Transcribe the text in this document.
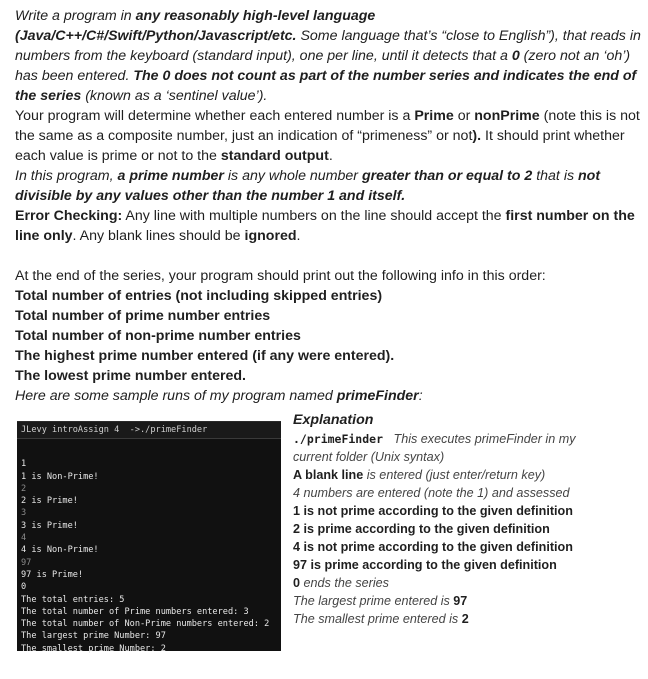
Write a program in any reasonably high-level language (Java/C++/C#/Swift/Python/Javascript/etc. Some language that’s “close to English”), that reads in numbers from the keyboard (standard input), one per line, until it detects that a 0 (zero not an ‘oh’) has been entered. The 0 does not count as part of the number series and indicates the end of the series (known as a ‘sentinel value’).

Your program will determine whether each entered number is a Prime or nonPrime (note this is not the same as a composite number, just an indication of “primeness” or not). It should print whether each value is prime or not to the standard output.

In this program, a prime number is any whole number greater than or equal to 2 that is not divisible by any values other than the number 1 and itself.

Error Checking: Any line with multiple numbers on the line should accept the first number on the line only. Any blank lines should be ignored.

At the end of the series, your program should print out the following info in this order:

Total number of entries (not including skipped entries)

Total number of prime number entries

Total number of non-prime number entries

The highest prime number entered (if any were entered).

The lowest prime number entered.

Here are some sample runs of my program named primeFinder:

JLevy introAssign 4  ->./primeFinder
1
1 is Non-Prime!
2
2 is Prime!
3
3 is Prime!
4
4 is Non-Prime!
97
97 is Prime!
0
The total entries: 5
The total number of Prime numbers entered: 3
The total number of Non-Prime numbers entered: 2
The largest prime Number: 97
The smallest prime Number: 2
Explanation
./primeFinder This executes primeFinder in my
current folder (Unix syntax)
A blank line is entered (just enter/return key)
4 numbers are entered (note the 1) and assessed
1 is not prime according to the given definition
2 is prime according to the given definition
4 is not prime according to the given definition
97 is prime according to the given definition
0 ends the series
The largest prime entered is 97
The smallest prime entered is 2
